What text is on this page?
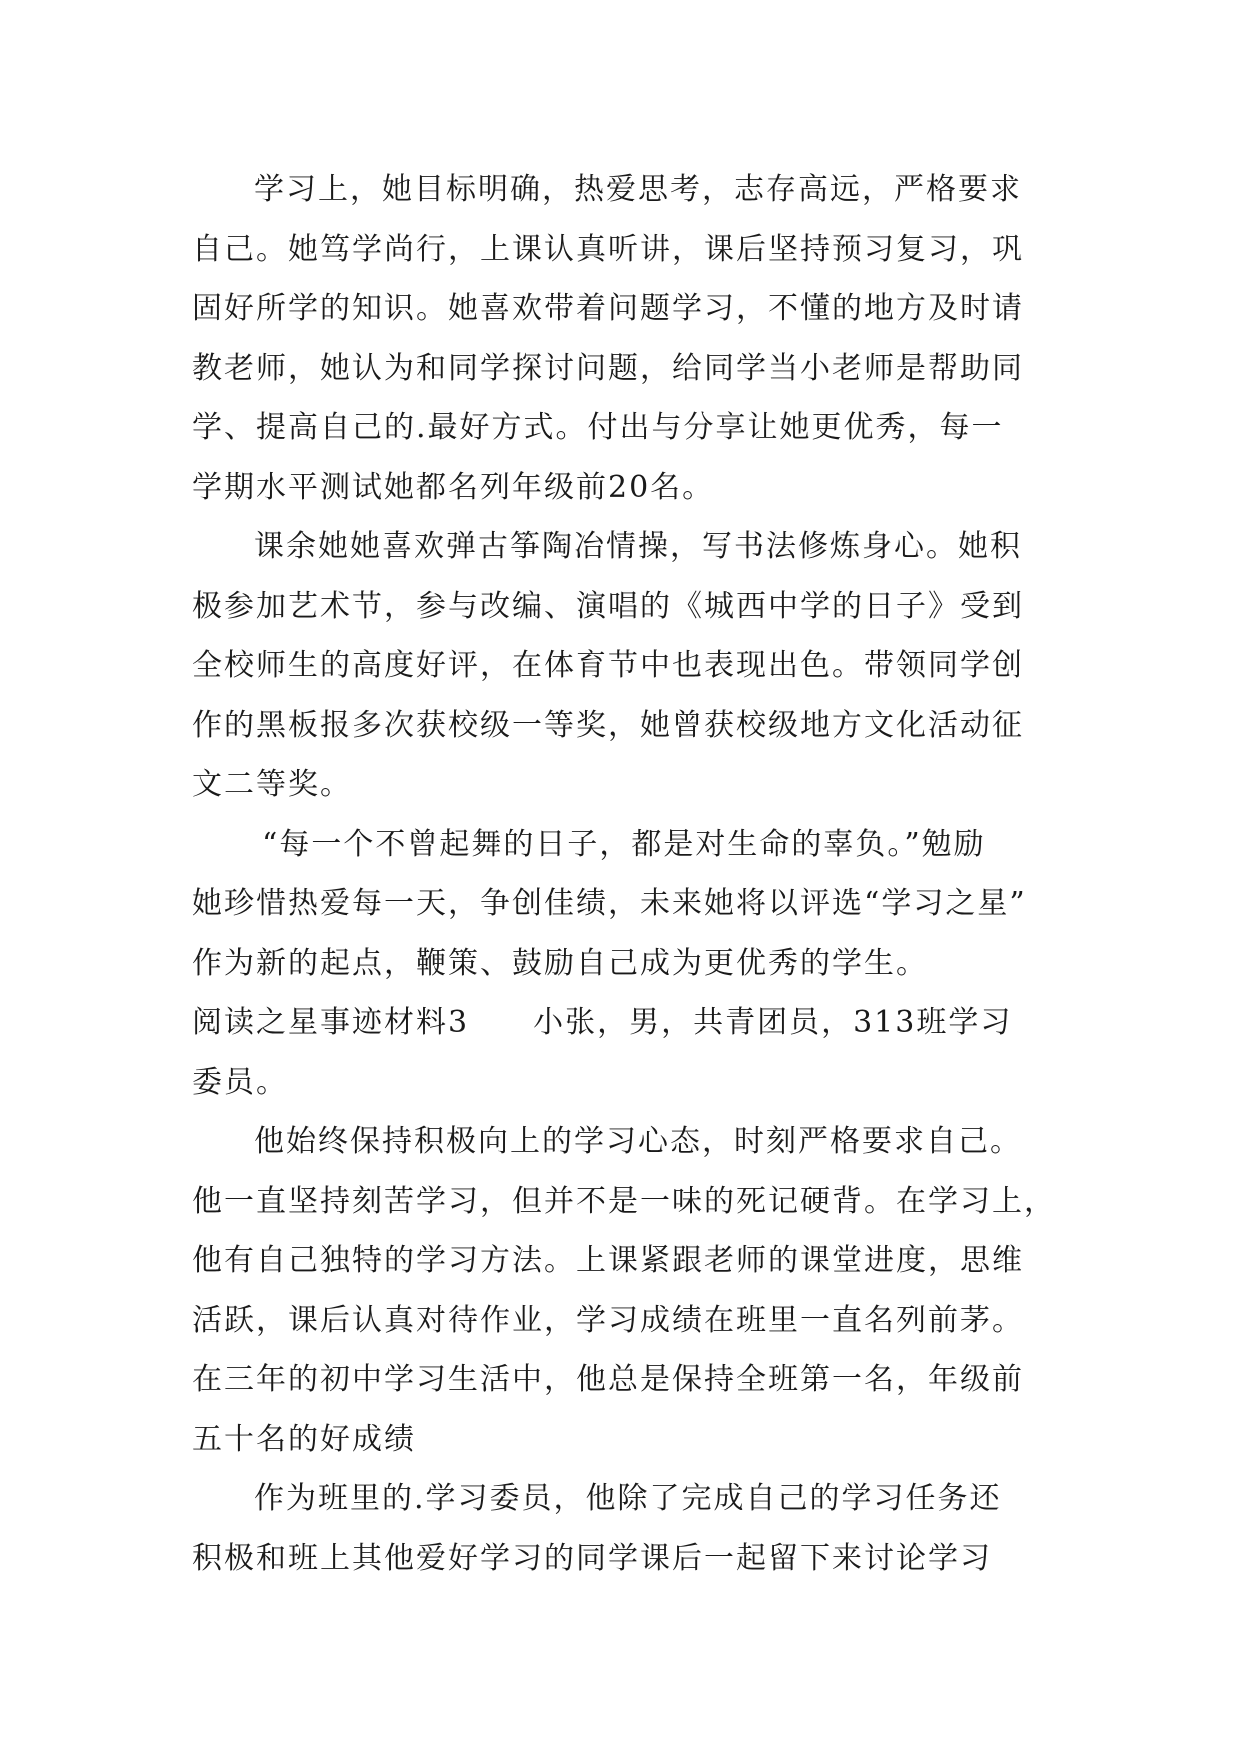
学习上，她目标明确，热爱思考，志存高远，严格要求
自己。她笃学尚行，上课认真听讲，课后坚持预习复习，巩
固好所学的知识。她喜欢带着问题学习，不懂的地方及时请
教老师，她认为和同学探讨问题，给同学当小老师是帮助同
学、提高自己的.最好方式。付出与分享让她更优秀，每一
学期水平测试她都名列年级前20名。
课余她她喜欢弹古筝陶冶情操，写书法修炼身心。她积
极参加艺术节，参与改编、演唱的《城西中学的日子》受到
全校师生的高度好评，在体育节中也表现出色。带领同学创
作的黑板报多次获校级一等奖，她曾获校级地方文化活动征
文二等奖。
“每一个不曾起舞的日子，都是对生命的辜负。”勉励
她珍惜热爱每一天，争创佳绩，未来她将以评选“学习之星”
作为新的起点，鞭策、鼓励自己成为更优秀的学生。
阅读之星事迹材料3　　小张，男，共青团员，313班学习
委员。
他始终保持积极向上的学习心态，时刻严格要求自己。
他一直坚持刻苦学习，但并不是一味的死记硬背。在学习上，
他有自己独特的学习方法。上课紧跟老师的课堂进度，思维
活跃，课后认真对待作业，学习成绩在班里一直名列前茅。
在三年的初中学习生活中，他总是保持全班第一名，年级前
五十名的好成绩
作为班里的.学习委员，他除了完成自己的学习任务还
积极和班上其他爱好学习的同学课后一起留下来讨论学习
